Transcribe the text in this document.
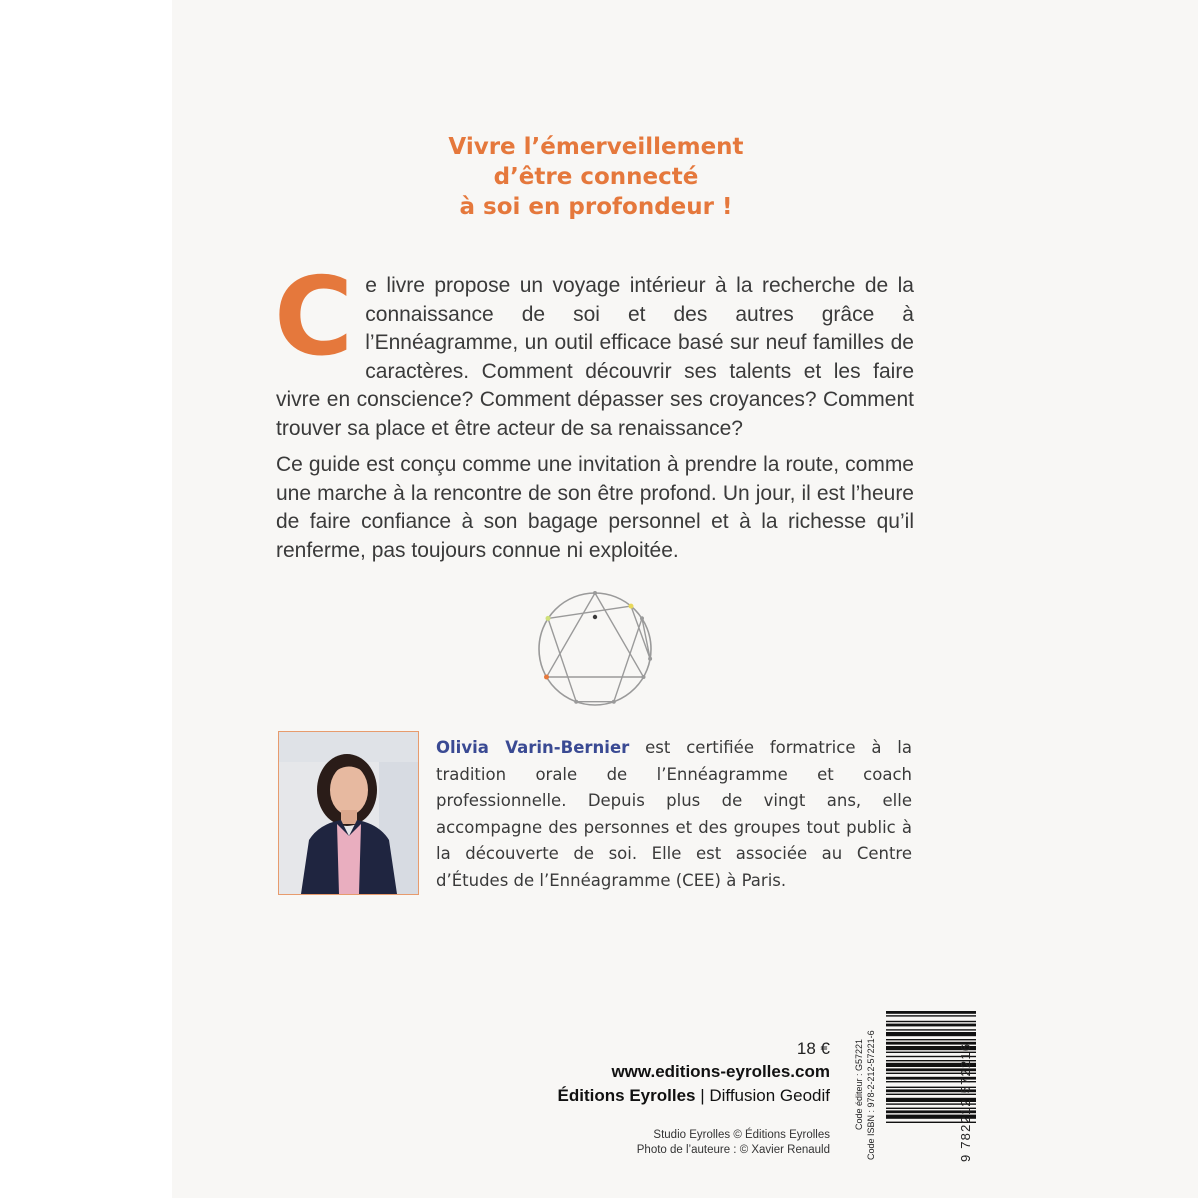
Vivre l’émerveillement
d’être connecté
à soi en profondeur !

Ce livre propose un voyage intérieur à la recherche de la connaissance de soi et des autres grâce à l’Ennéagramme, un outil efficace basé sur neuf familles de caractères. Comment découvrir ses talents et les faire vivre en conscience? Comment dépasser ses croyances? Comment trouver sa place et être acteur de sa renaissance?

Ce guide est conçu comme une invitation à prendre la route, comme une marche à la rencontre de son être profond. Un jour, il est l’heure de faire confiance à son bagage personnel et à la richesse qu’il renferme, pas toujours connue ni exploitée.

Olivia Varin-Bernier est certifiée formatrice à la tradition orale de l’Ennéagramme et coach professionnelle. Depuis plus de vingt ans, elle accompagne des personnes et des groupes tout public à la découverte de soi. Elle est associée au Centre d’Études de l’Ennéagramme (CEE) à Paris.

18 €
www.editions-eyrolles.com
Éditions Eyrolles | Diffusion Geodif
Studio Eyrolles © Éditions Eyrolles
Photo de l’auteure : © Xavier Renauld
Code éditeur : G57221 Code ISBN : 978-2-212-57221-6	9 782212 572216
